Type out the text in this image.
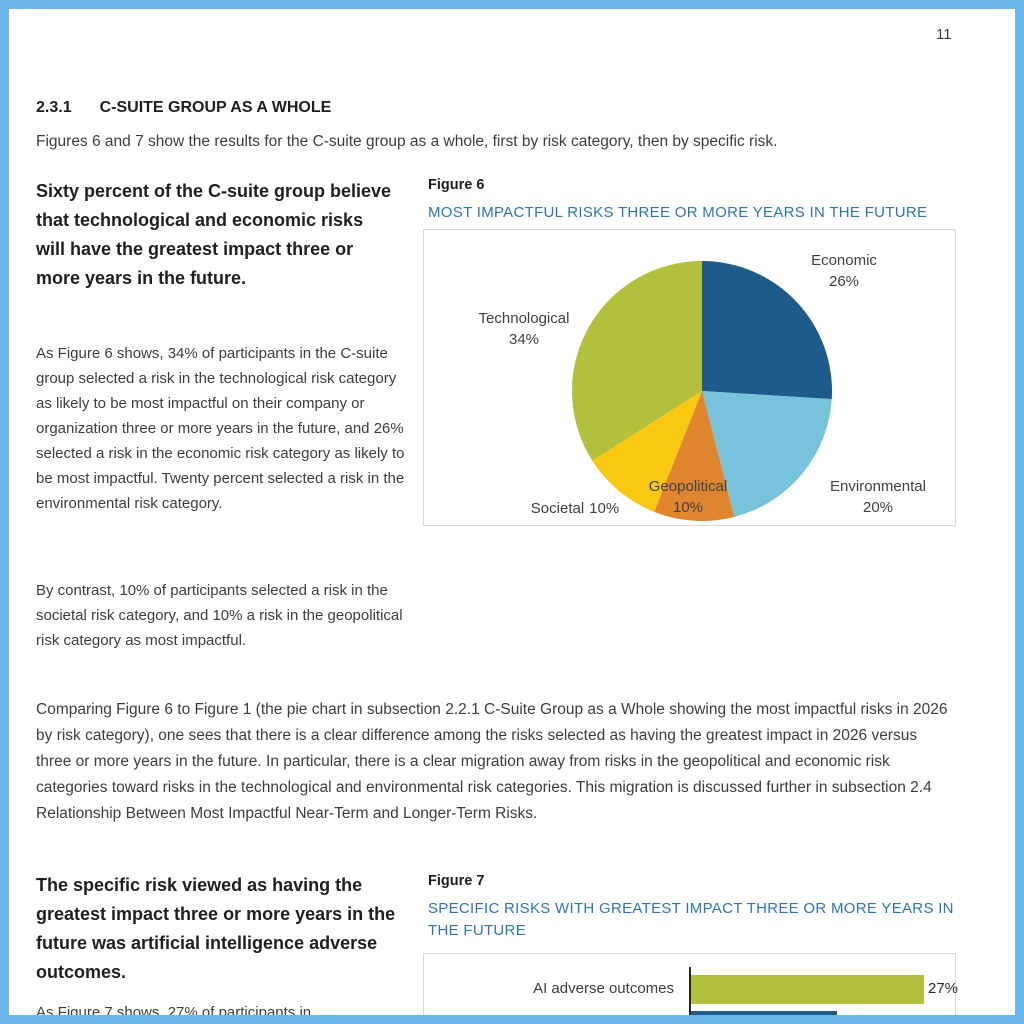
11
2.3.1 C-SUITE GROUP AS A WHOLE
Figures 6 and 7 show the results for the C-suite group as a whole, first by risk category, then by specific risk.
Sixty percent of the C-suite group believe that technological and economic risks will have the greatest impact three or more years in the future.
As Figure 6 shows, 34% of participants in the C-suite group selected a risk in the technological risk category as likely to be most impactful on their company or organization three or more years in the future, and 26% selected a risk in the economic risk category as likely to be most impactful. Twenty percent selected a risk in the environmental risk category.
By contrast, 10% of participants selected a risk in the societal risk category, and 10% a risk in the geopolitical risk category as most impactful.
Figure 6
MOST IMPACTFUL RISKS THREE OR MORE YEARS IN THE FUTURE
Economic
26%
Technological
34%
Societal 10%
Geopolitical
10%
Environmental
20%
Comparing Figure 6 to Figure 1 (the pie chart in subsection 2.2.1 C-Suite Group as a Whole showing the most impactful risks in 2026 by risk category), one sees that there is a clear difference among the risks selected as having the greatest impact in 2026 versus three or more years in the future. In particular, there is a clear migration away from risks in the geopolitical and economic risk categories toward risks in the technological and environmental risk categories. This migration is discussed further in subsection 2.4 Relationship Between Most Impactful Near-Term and Longer-Term Risks.
The specific risk viewed as having the greatest impact three or more years in the future was artificial intelligence adverse outcomes.
As Figure 7 shows, 27% of participants in
Figure 7
SPECIFIC RISKS WITH GREATEST IMPACT THREE OR MORE YEARS IN THE FUTURE
AI adverse outcomes	27%
